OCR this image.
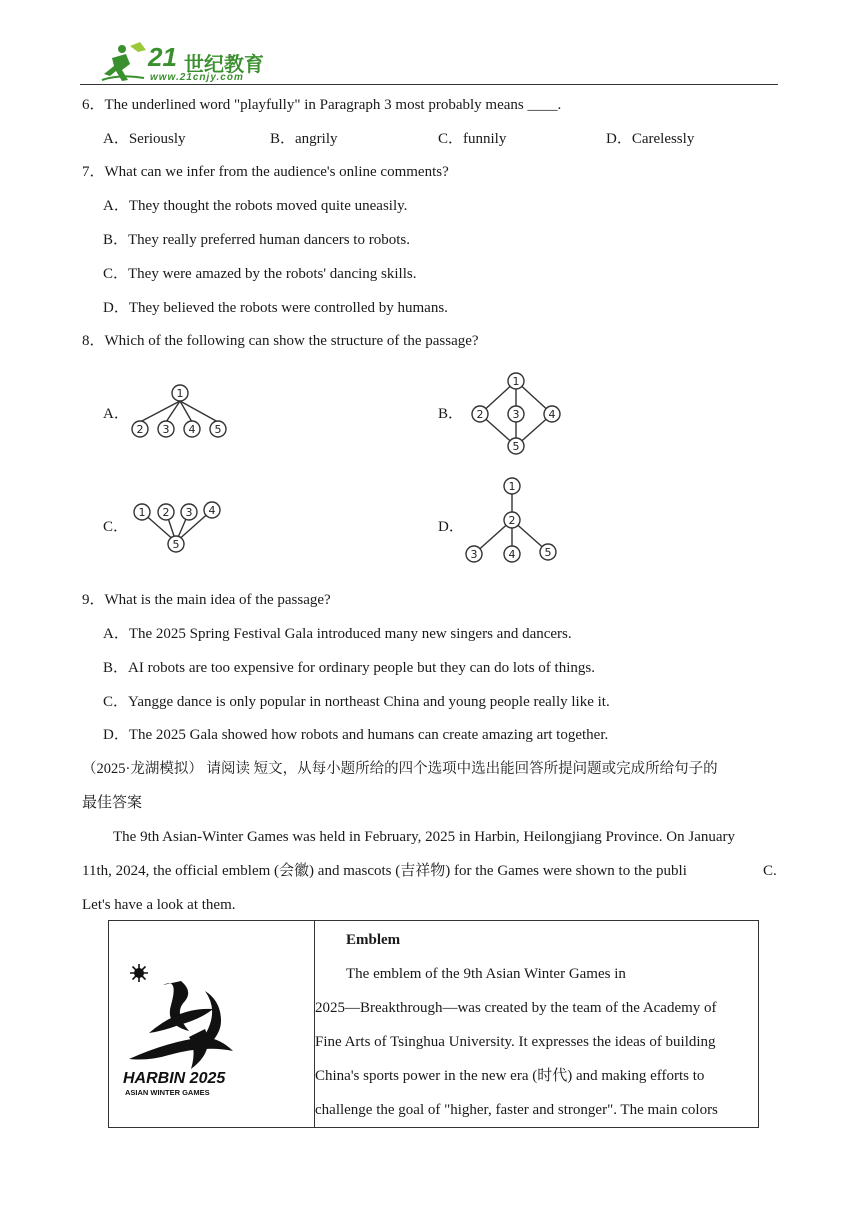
21 世纪教育
www.21cnjy.com
6．The underlined word "playfully" in Paragraph 3 most probably means ____.
A．Seriously	B．angrily	C．funnily	D．Carelessly
7．What can we infer from the audience's online comments?
A．They thought the robots moved quite uneasily.
B．They really preferred human dancers to robots.
C．They were amazed by the robots' dancing skills.
D．They believed the robots were controlled by humans.
8．Which of the following can show the structure of the passage?
A．
1
2 3 4 5
B．
1
2	3	4
5
C．
1 2 3 4
5
D．
1
2
3	4	5
9．What is the main idea of the passage?
A．The 2025 Spring Festival Gala introduced many new singers and dancers.
B．AI robots are too expensive for ordinary people but they can do lots of things.
C．Yangge dance is only popular in northeast China and young people really like it.
D．The 2025 Gala showed how robots and humans can create amazing art together.
（2025·龙湖模拟） 请阅读 短文，从每小题所给的四个选项中选出能回答所提问题或完成所给句子的
最佳答案
The 9th Asian-Winter Games was held in February, 2025 in Harbin, Heilongjiang Province. On January
11th, 2024, the official emblem (会徽) and mascots (吉祥物) for the Games were shown to the publi	C.
Let's have a look at them.
HARBIN 2025
ASIAN WINTER GAMES

Emblem
The emblem of the 9th Asian Winter Games in
2025—Breakthrough—was created by the team of the Academy of
Fine Arts of Tsinghua University. It expresses the ideas of building
China's sports power in the new era (时代) and making efforts to
challenge the goal of "higher, faster and stronger". The main colors
